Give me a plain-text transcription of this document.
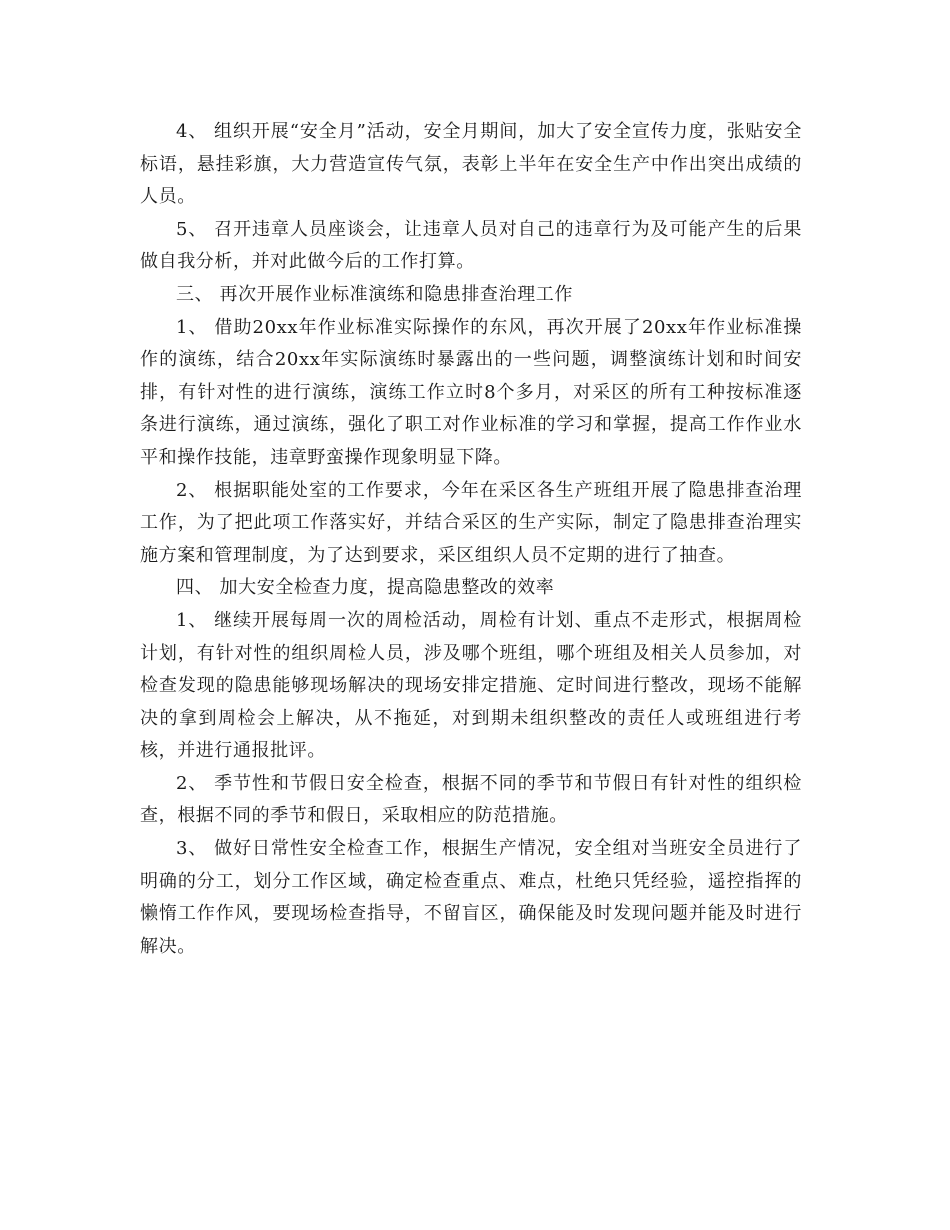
4、 组织开展“安全月”活动，安全月期间，加大了安全宣传力度，张贴安全标语，悬挂彩旗，大力营造宣传气氛，表彰上半年在安全生产中作出突出成绩的人员。

5、 召开违章人员座谈会，让违章人员对自己的违章行为及可能产生的后果做自我分析，并对此做今后的工作打算。

三、 再次开展作业标准演练和隐患排查治理工作

1、 借助20xx年作业标准实际操作的东风，再次开展了20xx年作业标准操作的演练，结合20xx年实际演练时暴露出的一些问题，调整演练计划和时间安排，有针对性的进行演练，演练工作立时8个多月，对采区的所有工种按标准逐条进行演练，通过演练，强化了职工对作业标准的学习和掌握，提高工作作业水平和操作技能，违章野蛮操作现象明显下降。

2、 根据职能处室的工作要求，今年在采区各生产班组开展了隐患排查治理工作，为了把此项工作落实好，并结合采区的生产实际，制定了隐患排查治理实施方案和管理制度，为了达到要求，采区组织人员不定期的进行了抽查。

四、 加大安全检查力度，提高隐患整改的效率

1、 继续开展每周一次的周检活动，周检有计划、重点不走形式，根据周检计划，有针对性的组织周检人员，涉及哪个班组，哪个班组及相关人员参加，对检查发现的隐患能够现场解决的现场安排定措施、定时间进行整改，现场不能解决的拿到周检会上解决，从不拖延，对到期未组织整改的责任人或班组进行考核，并进行通报批评。

2、 季节性和节假日安全检查，根据不同的季节和节假日有针对性的组织检查，根据不同的季节和假日，采取相应的防范措施。

3、 做好日常性安全检查工作，根据生产情况，安全组对当班安全员进行了明确的分工，划分工作区域，确定检查重点、难点，杜绝只凭经验，遥控指挥的懒惰工作作风，要现场检查指导，不留盲区，确保能及时发现问题并能及时进行解决。
